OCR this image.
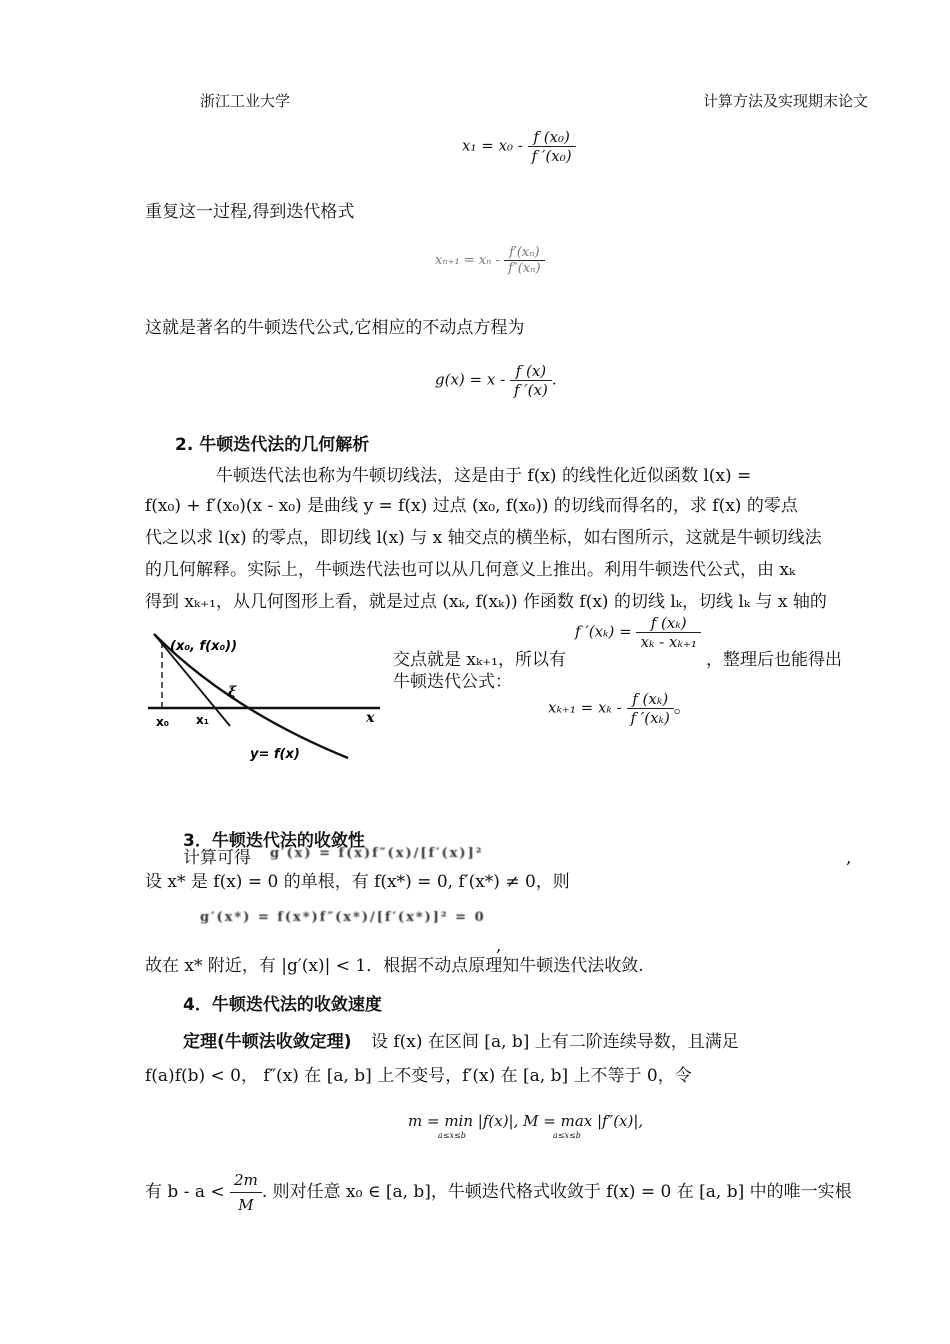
浙江工业大学	计算方法及实现期末论文
$x_1 = x_0 - \frac{\text{f (x₀)}}{\text{f ′(x₀)}}$
重复这一过程,得到迭代格式
$x_{n+1} = x_n - \frac{\text{f′(xₙ)}}{\text{f″(xₙ)}}$
这就是著名的牛顿迭代公式,它相应的不动点方程为
$g(x) = x - \frac{f (x)}{f '(x)}$ .
2. 牛顿迭代法的几何解析
牛顿迭代法也称为牛顿切线法，这是由于 f(x) 的线性化近似函数 l(x) =
f(x₀) + f′(x₀)(x - x₀) 是曲线 y = f(x) 过点 (x₀, f(x₀)) 的切线而得名的，求 f(x) 的零点
代之以求 l(x) 的零点，即切线 l(x) 与 x 轴交点的横坐标，如右图所示，这就是牛顿切线法
的几何解释。实际上，牛顿迭代法也可以从几何意义上推出。利用牛顿迭代公式，由 xₖ
得到 xₖ₊₁，从几何图形上看，就是过点 (xₖ, f(xₖ)) 作函数 f(x) 的切线 lₖ，切线 lₖ 与 x 轴的
(x₀, f(x₀))
ξ
x₀ x₁	x
y= f(x)
f $'(x_k) = \frac{\text{f (xₖ)}}{\text{xₖ - xₖ₊₁}}$
交点就是 xₖ₊₁，所以有	，整理后也能得出
牛顿迭代公式：
$x_{k+1} = x_k - \frac{\text{f (xₖ)}}{\text{f ′(xₖ)}}$ 。
3．牛顿迭代法的收敛性
计算可得 g′(x) = f(x)f″(x)/[f′(x)]²	,
设 x* 是 f(x) = 0 的单根，有 f(x*) = 0, f′(x*) ≠ 0，则
g′(x*) = f(x*)f″(x*)/[f′(x*)]² = 0
,
故在 x* 附近，有 |g′(x)| < 1．根据不动点原理知牛顿迭代法收敛.
4．牛顿迭代法的收敛速度
定理(牛顿法收敛定理) 设 f(x) 在区间 [a, b] 上有二阶连续导数，且满足
f(a)f(b) < 0， f″(x) 在 [a, b] 上不变号，f′(x) 在 [a, b] 上不等于 0，令
m = min |f(x)|, M = max |f″(x)|,
a≤x≤b	a≤x≤b
有 $b - a < \frac{2m}{M}$ . 则对任意 x₀ ∈ [a, b]，牛顿迭代格式收敛于 f(x) = 0 在 [a, b] 中的唯一实根
